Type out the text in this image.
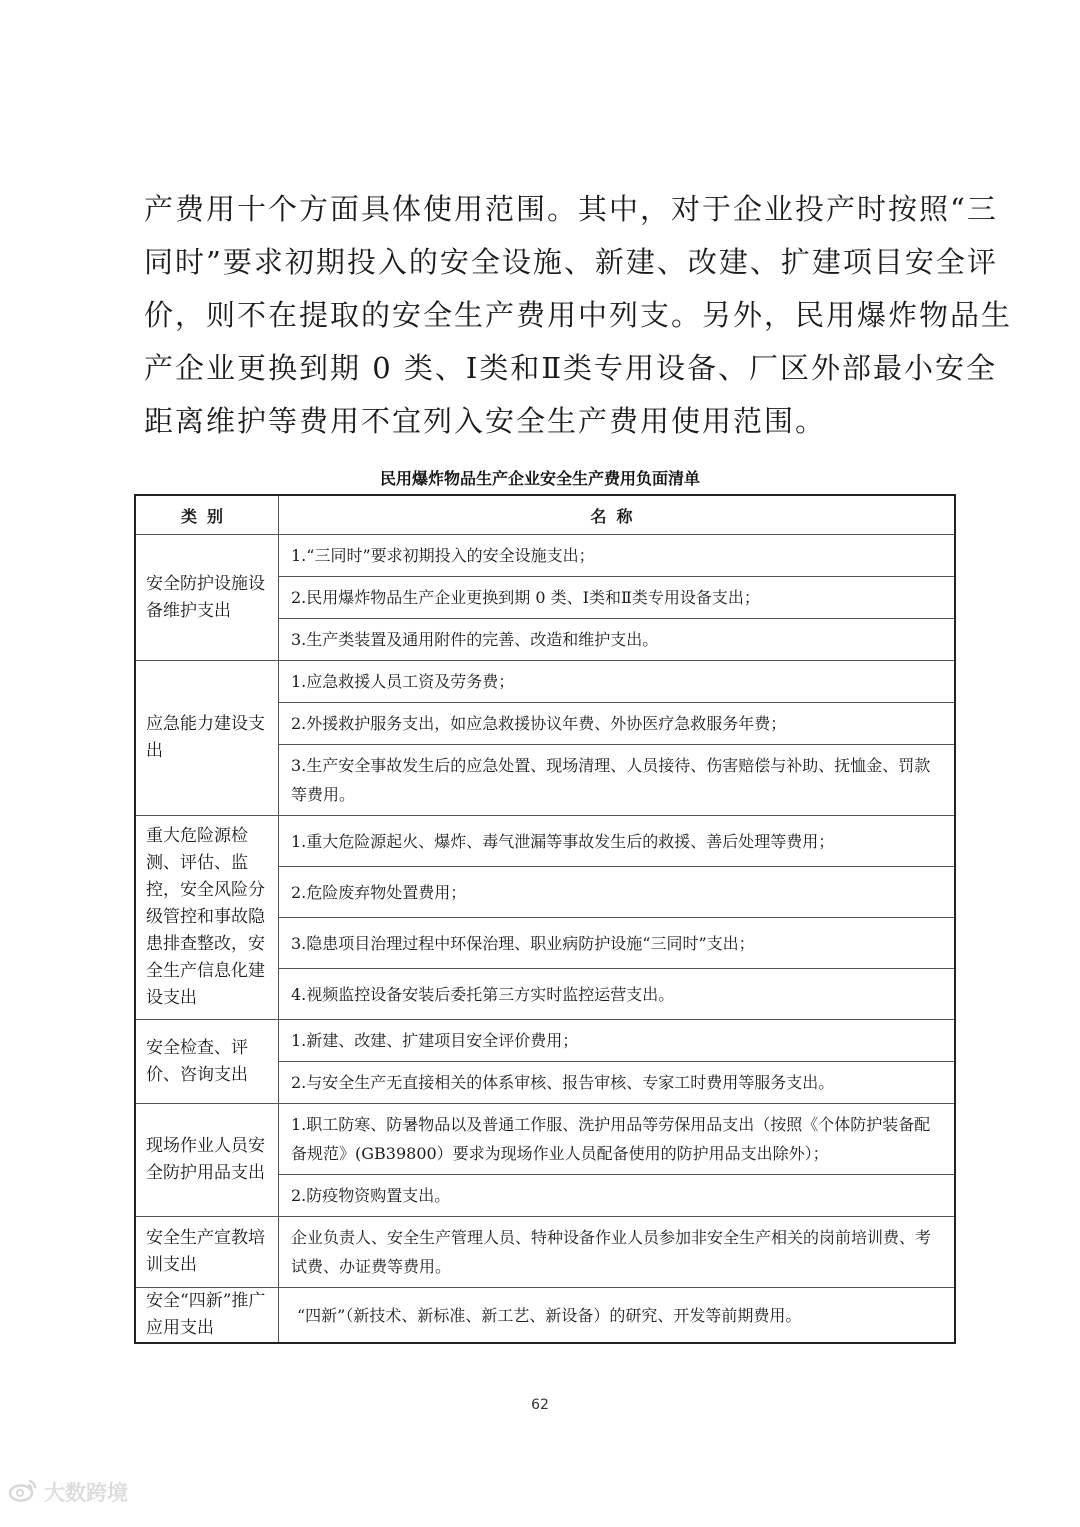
产费用十个方面具体使用范围。其中，对于企业投产时按照“三
同时”要求初期投入的安全设施、新建、改建、扩建项目安全评
价，则不在提取的安全生产费用中列支。另外，民用爆炸物品生
产企业更换到期 0 类、Ⅰ类和Ⅱ类专用设备、厂区外部最小安全
距离维护等费用不宜列入安全生产费用使用范围。
民用爆炸物品生产企业安全生产费用负面清单
类别	名称
安全防护设施设备维护支出	1.“三同时”要求初期投入的安全设施支出；
	2.民用爆炸物品生产企业更换到期 0 类、Ⅰ类和Ⅱ类专用设备支出；
	3.生产类装置及通用附件的完善、改造和维护支出。
应急能力建设支出	1.应急救援人员工资及劳务费；
	2.外援救护服务支出，如应急救援协议年费、外协医疗急救服务年费；
	3.生产安全事故发生后的应急处置、现场清理、人员接待、伤害赔偿与补助、抚恤金、罚款等费用。
重大危险源检测、评估、监控，安全风险分级管控和事故隐患排查整改，安全生产信息化建设支出	1.重大危险源起火、爆炸、毒气泄漏等事故发生后的救援、善后处理等费用；
	2.危险废弃物处置费用；
	3.隐患项目治理过程中环保治理、职业病防护设施“三同时”支出；
	4.视频监控设备安装后委托第三方实时监控运营支出。
安全检查、评价、咨询支出	1.新建、改建、扩建项目安全评价费用；
	2.与安全生产无直接相关的体系审核、报告审核、专家工时费用等服务支出。
现场作业人员安全防护用品支出	1.职工防寒、防暑物品以及普通工作服、洗护用品等劳保用品支出（按照《个体防护装备配备规范》(GB39800）要求为现场作业人员配备使用的防护用品支出除外）；
	2.防疫物资购置支出。
安全生产宣教培训支出	企业负责人、安全生产管理人员、特种设备作业人员参加非安全生产相关的岗前培训费、考试费、办证费等费用。
安全“四新”推广应用支出	“四新”（新技术、新标准、新工艺、新设备）的研究、开发等前期费用。
62
大数跨境
